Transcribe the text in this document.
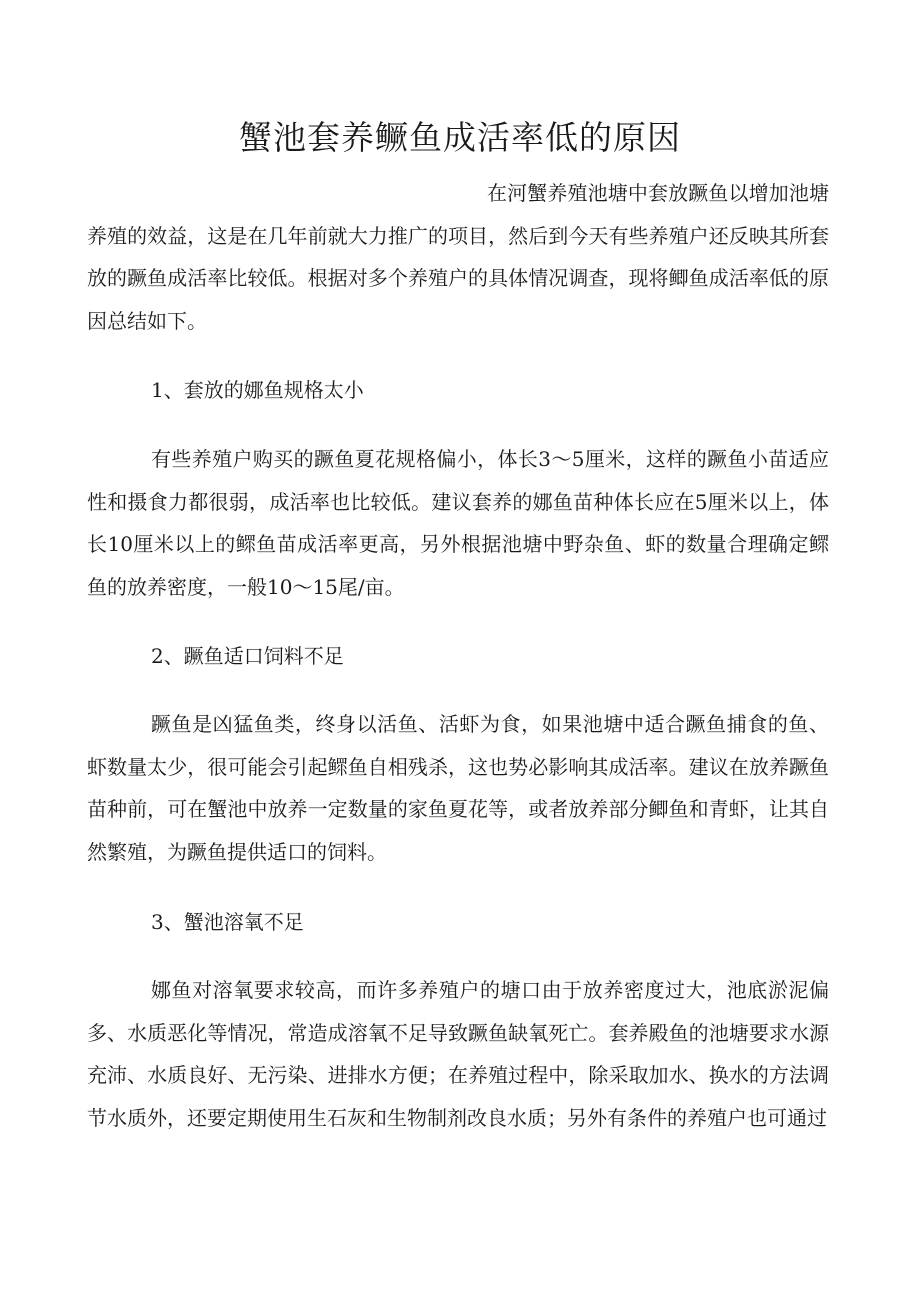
蟹池套养鳜鱼成活率低的原因

在河蟹养殖池塘中套放蹶鱼以增加池塘养殖的效益，这是在几年前就大力推广的项目，然后到今天有些养殖户还反映其所套放的蹶鱼成活率比较低。根据对多个养殖户的具体情况调查，现将鲫鱼成活率低的原因总结如下。

1、套放的娜鱼规格太小

有些养殖户购买的蹶鱼夏花规格偏小，体长3～5厘米，这样的蹶鱼小苗适应性和摄食力都很弱，成活率也比较低。建议套养的娜鱼苗种体长应在5厘米以上，体长10厘米以上的鳏鱼苗成活率更高，另外根据池塘中野杂鱼、虾的数量合理确定鳏鱼的放养密度，一般10～15尾/亩。

2、蹶鱼适口饲料不足

蹶鱼是凶猛鱼类，终身以活鱼、活虾为食，如果池塘中适合蹶鱼捕食的鱼、虾数量太少，很可能会引起鳏鱼自相残杀，这也势必影响其成活率。建议在放养蹶鱼苗种前，可在蟹池中放养一定数量的家鱼夏花等，或者放养部分鲫鱼和青虾，让其自然繁殖，为蹶鱼提供适口的饲料。

3、蟹池溶氧不足

娜鱼对溶氧要求较高，而许多养殖户的塘口由于放养密度过大，池底淤泥偏多、水质恶化等情况，常造成溶氧不足导致蹶鱼缺氧死亡。套养殿鱼的池塘要求水源充沛、水质良好、无污染、进排水方便；在养殖过程中，除采取加水、换水的方法调节水质外，还要定期使用生石灰和生物制剂改良水质；另外有条件的养殖户也可通过
